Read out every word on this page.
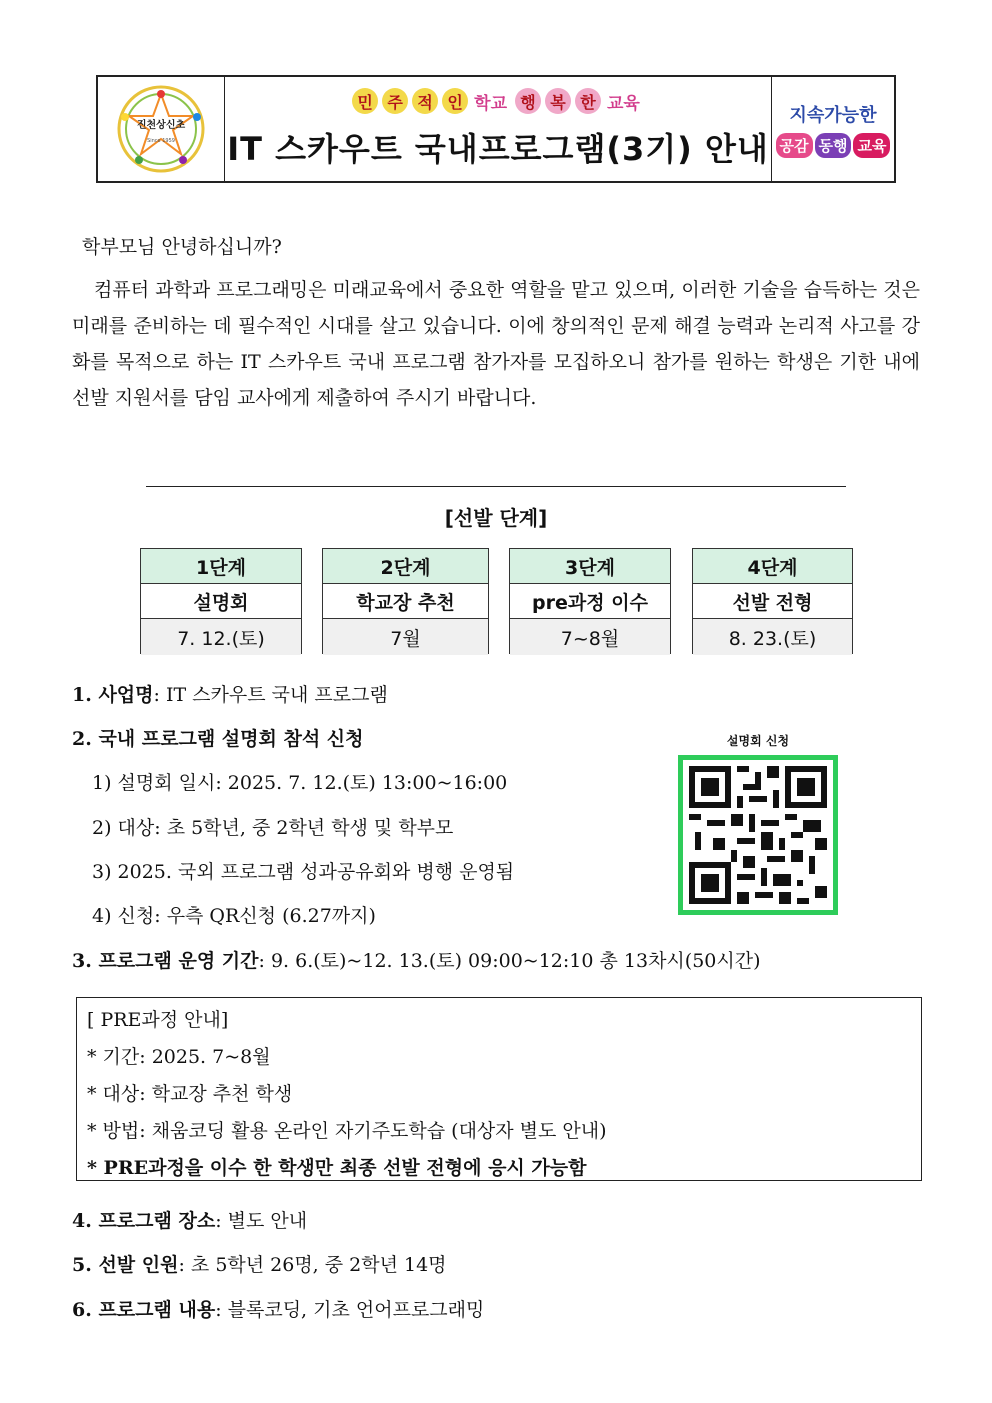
진천상신초
Since 1959
민 주 적 인 학교 행 복 한 교육
IT 스카우트 국내프로그램(3기) 안내
지속가능한
공감 동행 교육
학부모님 안녕하십니까?
컴퓨터 과학과 프로그래밍은 미래교육에서 중요한 역할을 맡고 있으며, 이러한 기술을 습득하는 것은 미래를 준비하는 데 필수적인 시대를 살고 있습니다. 이에 창의적인 문제 해결 능력과 논리적 사고를 강화를 목적으로 하는 IT 스카우트 국내 프로그램 참가자를 모집하오니 참가를 원하는 학생은 기한 내에 선발 지원서를 담임 교사에게 제출하여 주시기 바랍니다.
[선발 단계]
1단계
설명회
7. 12.(토)
2단계
학교장 추천
7월
3단계
pre과정 이수
7~8월
4단계
선발 전형
8. 23.(토)
1. 사업명: IT 스카우트 국내 프로그램
2. 국내 프로그램 설명회 참석 신청
1) 설명회 일시: 2025. 7. 12.(토) 13:00~16:00
2) 대상: 초 5학년, 중 2학년 학생 및 학부모
3) 2025. 국외 프로그램 성과공유회와 병행 운영됨
4) 신청: 우측 QR신청 (6.27까지)
설명회 신청
3. 프로그램 운영 기간: 9. 6.(토)~12. 13.(토) 09:00~12:10 총 13차시(50시간)
[ PRE과정 안내]
* 기간: 2025. 7~8월
* 대상: 학교장 추천 학생
* 방법: 채움코딩 활용 온라인 자기주도학습 (대상자 별도 안내)
* PRE과정을 이수 한 학생만 최종 선발 전형에 응시 가능함
4. 프로그램 장소: 별도 안내
5. 선발 인원: 초 5학년 26명, 중 2학년 14명
6. 프로그램 내용: 블록코딩, 기초 언어프로그래밍
